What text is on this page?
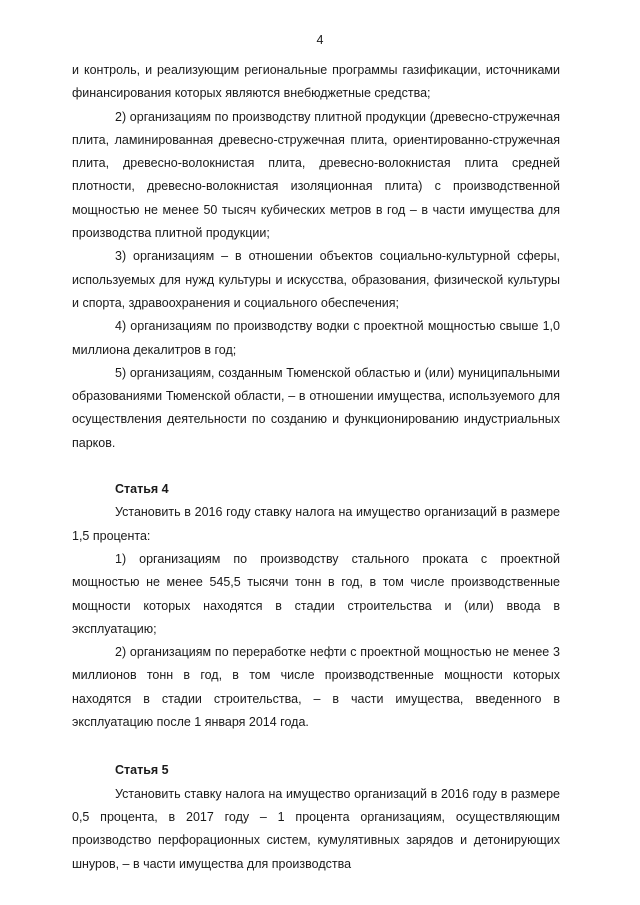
4

и контроль, и реализующим региональные программы газификации, источниками финансирования которых являются внебюджетные средства;

2) организациям по производству плитной продукции (древесно-стружечная плита, ламинированная древесно-стружечная плита, ориентированно-стружечная плита, древесно-волокнистая плита, древесно-волокнистая плита средней плотности, древесно-волокнистая изоляционная плита) с производственной мощностью не менее 50 тысяч кубических метров в год – в части имущества для производства плитной продукции;

3) организациям – в отношении объектов социально-культурной сферы, используемых для нужд культуры и искусства, образования, физической культуры и спорта, здравоохранения и социального обеспечения;

4) организациям по производству водки с проектной мощностью свыше 1,0 миллиона декалитров в год;

5) организациям, созданным Тюменской областью и (или) муниципальными образованиями Тюменской области, – в отношении имущества, используемого для осуществления деятельности по созданию и функционированию индустриальных парков.

Статья 4

Установить в 2016 году ставку налога на имущество организаций в размере 1,5 процента:

1) организациям по производству стального проката с проектной мощностью не менее 545,5 тысячи тонн в год, в том числе производственные мощности которых находятся в стадии строительства и (или) ввода в эксплуатацию;

2) организациям по переработке нефти с проектной мощностью не менее 3 миллионов тонн в год, в том числе производственные мощности которых находятся в стадии строительства, – в части имущества, введенного в эксплуатацию после 1 января 2014 года.

Статья 5

Установить ставку налога на имущество организаций в 2016 году в размере 0,5 процента, в 2017 году – 1 процента организациям, осуществляющим производство перфорационных систем, кумулятивных зарядов и детонирующих шнуров, – в части имущества для производства
